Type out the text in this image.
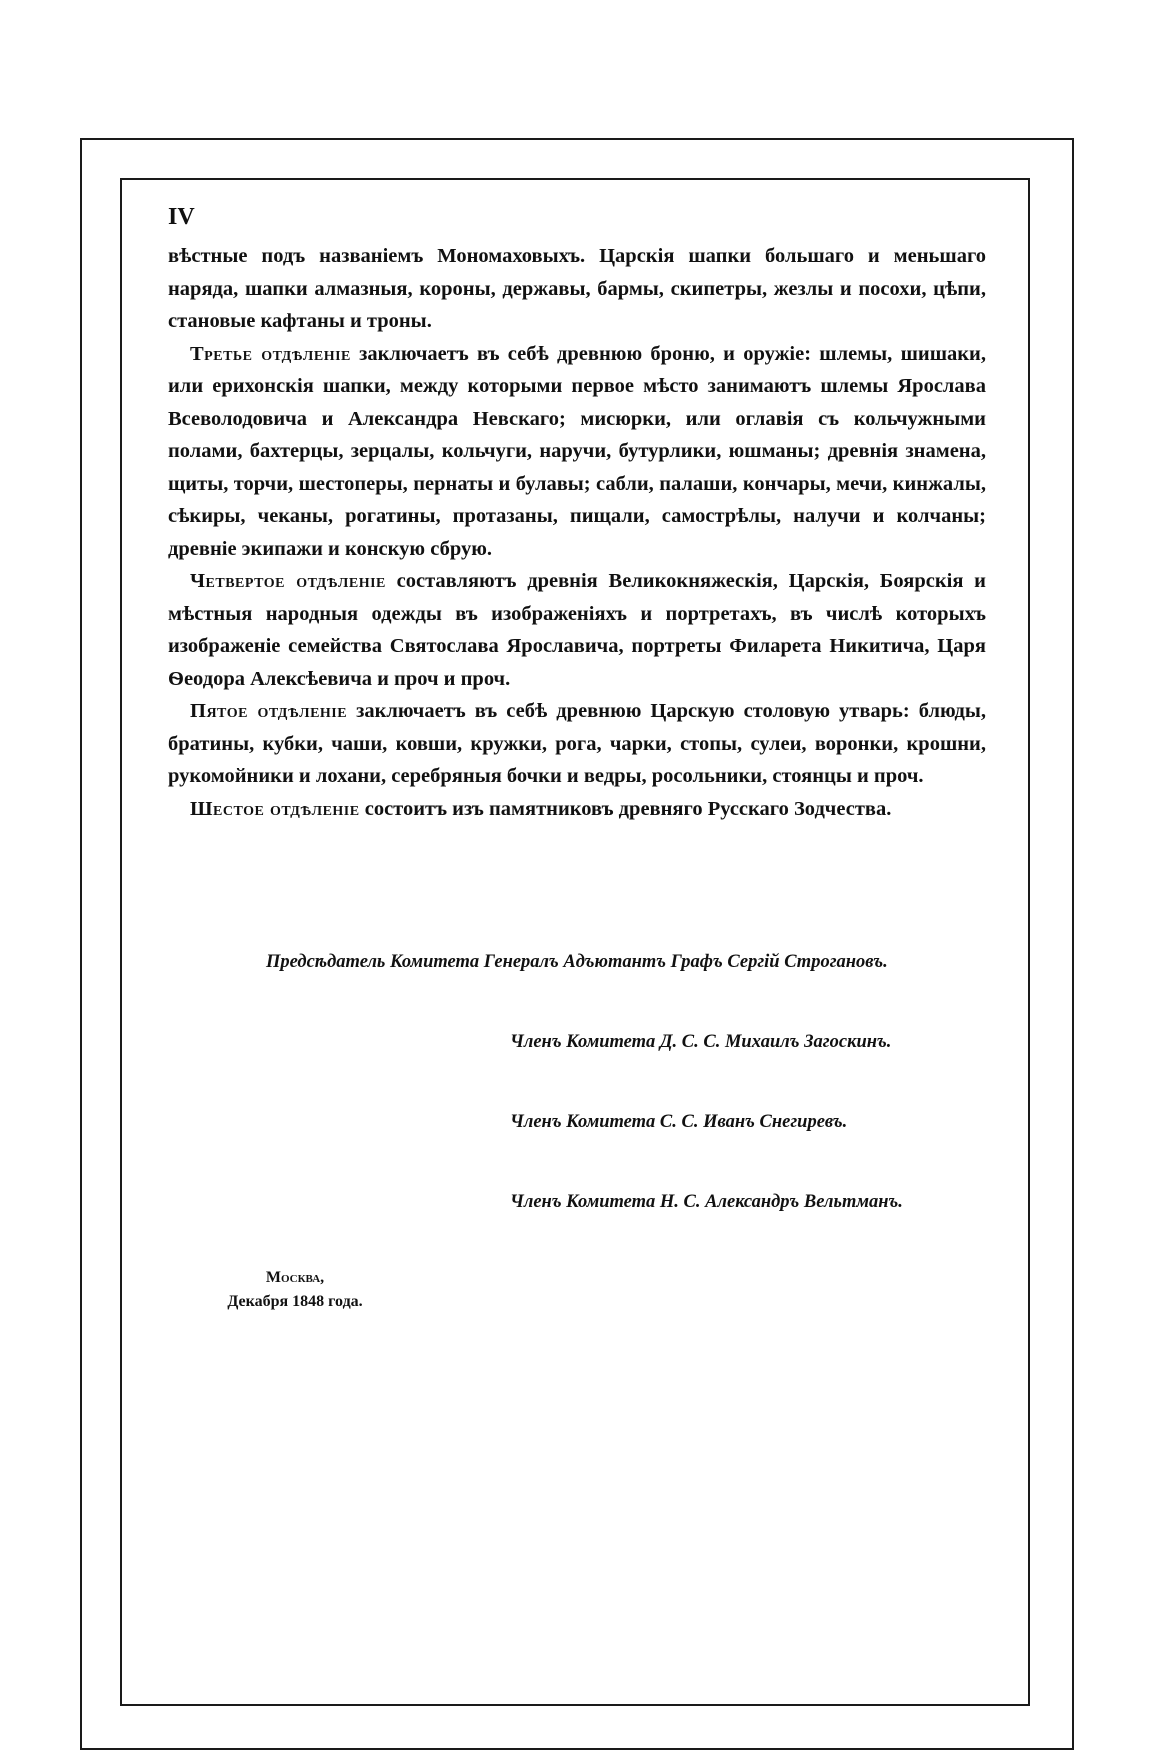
IV

вѣстные подъ названіемъ Мономаховыхъ. Царскія шапки большаго и меньшаго наряда, шапки алмазныя, короны, державы, бармы, скипетры, жезлы и посохи, цѣпи, становые кафтаны и троны.

Третье отдѣленіе заключаетъ въ себѣ древнюю броню, и оружіе: шлемы, шишаки, или ерихонскія шапки, между которыми первое мѣсто занимаютъ шлемы Ярослава Всеволодовича и Александра Невскаго; мисюрки, или оглавія съ кольчужными полами, бахтерцы, зерцалы, кольчуги, наручи, бутурлики, юшманы; древнія знамена, щиты, торчи, шестоперы, пернаты и булавы; сабли, палаши, кончары, мечи, кинжалы, сѣкиры, чеканы, рогатины, протазаны, пищали, самострѣлы, налучи и колчаны; древніе экипажи и конскую сбрую.

Четвертое отдѣленіе составляютъ древнія Великокняжескія, Царскія, Боярскія и мѣстныя народныя одежды въ изображеніяхъ и портретахъ, въ числѣ которыхъ изображеніе семейства Святослава Ярославича, портреты Филарета Никитича, Царя Ѳеодора Алексѣевича и проч и проч.

Пятое отдѣленіе заключаетъ въ себѣ древнюю Царскую столовую утварь: блюды, братины, кубки, чаши, ковши, кружки, рога, чарки, стопы, сулеи, воронки, крошни, рукомойники и лохани, серебряныя бочки и ведры, росольники, стоянцы и проч.

Шестое отдѣленіе состоитъ изъ памятниковъ древняго Русскаго Зодчества.

Предсѣдатель Комитета Генералъ Адъютантъ Графъ Сергій Строгановъ.
Членъ Комитета Д. С. С. Михаилъ Загоскинъ.
Членъ Комитета С. С. Иванъ Снегиревъ.
Членъ Комитета Н. С. Александръ Вельтманъ.
Москва,
Декабря 1848 года.
